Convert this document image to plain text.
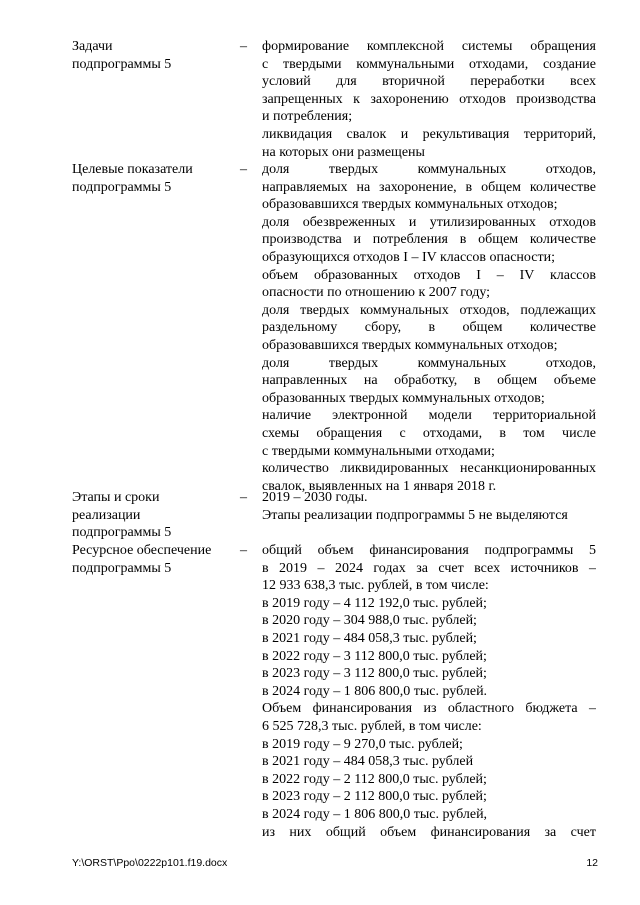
Задачи
подпрограммы 5
–	формирование комплексной системы обращения
с твердыми коммунальными отходами, создание
условий для вторичной переработки всех
запрещенных к захоронению отходов производства
и потребления;
ликвидация свалок и рекультивация территорий,
на которых они размещены
Целевые показатели
подпрограммы 5
–	доля твердых коммунальных отходов,
направляемых на захоронение, в общем количестве
образовавшихся твердых коммунальных отходов;
доля обезвреженных и утилизированных отходов
производства и потребления в общем количестве
образующихся отходов I – IV классов опасности;
объем образованных отходов I – IV классов
опасности по отношению к 2007 году;
доля твердых коммунальных отходов, подлежащих
раздельному сбору, в общем количестве
образовавшихся твердых коммунальных отходов;
доля твердых коммунальных отходов,
направленных на обработку, в общем объеме
образованных твердых коммунальных отходов;
наличие электронной модели территориальной
схемы обращения с отходами, в том числе
с твердыми коммунальными отходами;
количество ликвидированных несанкционированных
свалок, выявленных на 1 января 2018 г.
Этапы и сроки
реализации
подпрограммы 5
–	2019 – 2030 годы.
Этапы реализации подпрограммы 5 не выделяются
Ресурсное обеспечение
подпрограммы 5
–	общий объем финансирования подпрограммы 5
в 2019 – 2024 годах за счет всех источников –
12 933 638,3 тыс. рублей, в том числе:
в 2019 году – 4 112 192,0 тыс. рублей;
в 2020 году – 304 988,0 тыс. рублей;
в 2021 году – 484 058,3 тыс. рублей;
в 2022 году – 3 112 800,0 тыс. рублей;
в 2023 году – 3 112 800,0 тыс. рублей;
в 2024 году – 1 806 800,0 тыс. рублей.
Объем финансирования из областного бюджета –
6 525 728,3 тыс. рублей, в том числе:
в 2019 году – 9 270,0 тыс. рублей;
в 2021 году – 484 058,3 тыс. рублей
в 2022 году – 2 112 800,0 тыс. рублей;
в 2023 году – 2 112 800,0 тыс. рублей;
в 2024 году – 1 806 800,0 тыс. рублей,
из них общий объем финансирования за счет
Y:\ORST\Ppo\0222p101.f19.docx	12
